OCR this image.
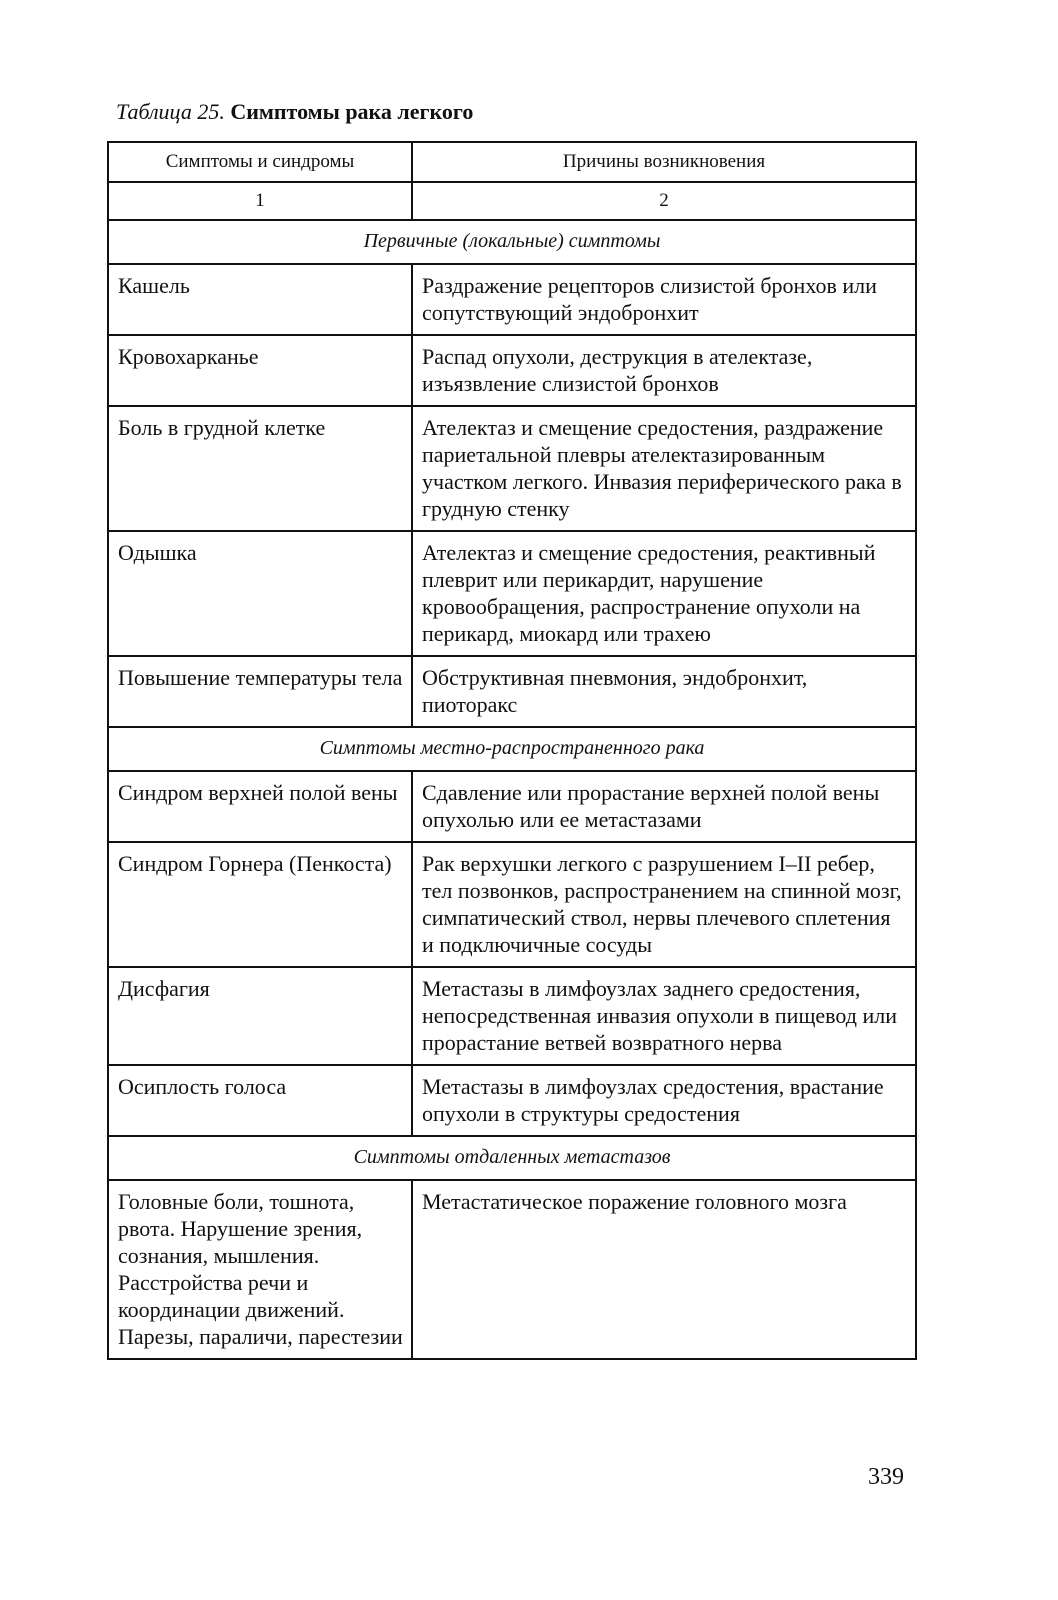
Таблица 25. Симптомы рака легкого
Симптомы и синдромы	Причины возникновения
1	2
Первичные (локальные) симптомы	
Кашель	Раздражение рецепторов слизистой бронхов или сопутствующий эндобронхит
Кровохарканье	Распад опухоли, деструкция в ателектазе, изъязвление слизистой бронхов
Боль в грудной клетке	Ателектаз и смещение средостения, раздражение париетальной плевры ателектазированным участком легкого. Инвазия периферического рака в грудную стенку
Одышка	Ателектаз и смещение средостения, реактивный плеврит или перикардит, нарушение кровообращения, распространение опухоли на перикард, миокард или трахею
Повышение температуры тела	Обструктивная пневмония, эндобронхит, пиоторакс
Симптомы местно-распространенного рака	
Синдром верхней полой вены	Сдавление или прорастание верхней полой вены опухолью или ее метастазами
Синдром Горнера (Пенкоста)	Рак верхушки легкого с разрушением I–II ребер, тел позвонков, распространением на спинной мозг, симпатический ствол, нервы плечевого сплетения и подключичные сосуды
Дисфагия	Метастазы в лимфоузлах заднего средостения, непосредственная инвазия опухоли в пищевод или прорастание ветвей возвратного нерва
Осиплость голоса	Метастазы в лимфоузлах средостения, врастание опухоли в структуры средостения
Симптомы отдаленных метастазов	
Головные боли, тошнота, рвота. Нарушение зрения, сознания, мышления. Расстройства речи и координации движений. Парезы, параличи, парестезии	Метастатическое поражение головного мозга
339
